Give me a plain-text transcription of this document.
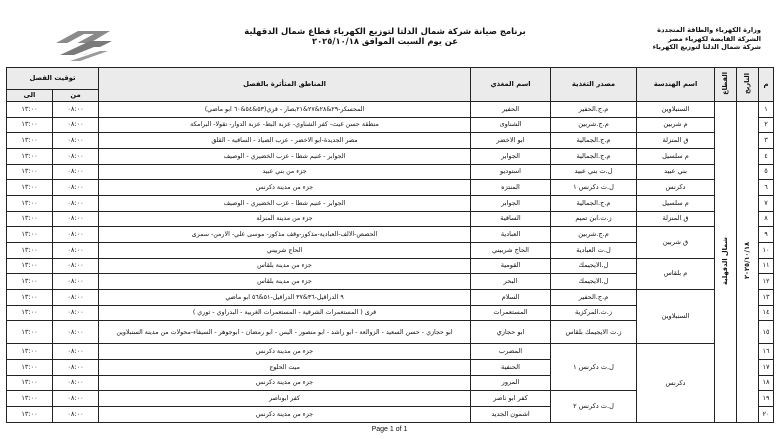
وزارة الكهرباء والطاقة المتجددة
الشركة القابضة لكهرباء مصر
شركة شمال الدلتا لتوزيع الكهرباء
برنامج صيانة شركة شمال الدلتا لتوزيع الكهرباء قطاع شمال الدقهلية
عن يوم السبت الموافق ٢٠٢٥/١٠/١٨
م	التاريخ	القطاع	اسم الهندسة	مصدر التغذية	اسم المغذي	المناطق المتأثرة بالفصل	توقيت الفصل	
							من	الى
١	٢٠٢٥/١٠/١٨	شمال الدقهلية	السنبلاوين	م.ج.الحفير	الحفير	المحسكر-٢٩&٢٨&٢٧&٢١بصار - قري(٥٣&٥٤&٦٠ ابو ماضي)	٠٨:٠٠	١٣:٠٠
٢			م شربين	م.ج.شربين	الشناوى	منطقة حسن غيث- كفر الشناوي- عزبة البط- عزبة الدوار- تقولا- البرامكة	٠٨:٠٠	١٣:٠٠
٣			ق المنزلة	م.ج.الجمالية	ابو الاخضر	مصر الجديدة-ابو الاخضر - عزب الصياد - الساقية - القلق	٠٨:٠٠	١٣:٠٠
٤			م سلسيل	م.ج.الجمالية	الجوابر	الجوابر - غنيم شطا - عزب الخضيري - الوصيف	٠٨:٠٠	١٣:٠٠
٥			بني عبيد	ل.ت بني عبيد	استوديو	جزء من بني عبيد	٠٨:٠٠	١٣:٠٠
٦			دكرنس	ل.ت دكرنس ١	المنتزه	جزء من مدينة دكرنس	٠٨:٠٠	١٣:٠٠
٧			م سلسيل	م.ج.الجمالية	الجوابر	الجوابر - غنيم شطا - عزب الخضيري - الوصيف	٠٨:٠٠	١٣:٠٠
٨			ق المنزلة	ز.ت.ابن تميم	الساقية	جزء من مدينة المنزلة	٠٨:٠٠	١٣:٠٠
٩			ق شربين	م.ج.شربين	العبادية	الحصص-الالف-العبادية-مذكور-وقف مذكور- موسى علي- الارمن- سمرى	٠٨:٠٠	١٣:٠٠
١٠				ل.ت العبادية	الحاج شربيني	الحاج شربيني	٠٨:٠٠	١٣:٠٠
١١			م بلقاس	ل.الايجيمك	القومية	جزء من مدينة بلقاس	٠٨:٠٠	١٣:٠٠
١٢				ل.الايجيمك	البحر	جزء من مدينة بلقاس	٠٨:٠٠	١٣:٠٠
١٣			السنبلاوين	م.ج.الحفير	السلام	٩ الدراقيل-٣٦&٣٧ الدراقيل-٥١&٥٦ ابو ماضي	٠٨:٠٠	١٣:٠٠
١٤				ز.ت.المركزية	المستعمرات	قرى ( المستعمرات الشرقية - المستعمرات الغربية - البدراوي - توري )	٠٨:٠٠	١٣:٠٠
١٥				ز.ت الايجيمك بلقاس	ابو حجازي	ابو حجازي - حسن السعيد - الزوالعة - ابو راشد - ابو منصور - اليس - ابو رمضان - ابوجوهر - السيفاء-محولات من مدينة السنبلاوين	٠٨:٠٠	١٣:٠٠
١٦			دكرنس	ل.ت دكرنس ١	المضرب	جزء من مدينة دكرنس	٠٨:٠٠	١٣:٠٠
١٧					الحنفية	ميت الحلوج	٠٨:٠٠	١٣:٠٠
١٨					المرور	جزء من مدينة دكرنس	٠٨:٠٠	١٣:٠٠
١٩				ل.ت دكرنس ٢	كفر ابو ناصر	كفر ابوناصر	٠٨:٠٠	١٣:٠٠
٢٠					اشمون الجديد	جزء من مدينة دكرنس	٠٨:٠٠	١٣:٠٠
Page 1 of 1
